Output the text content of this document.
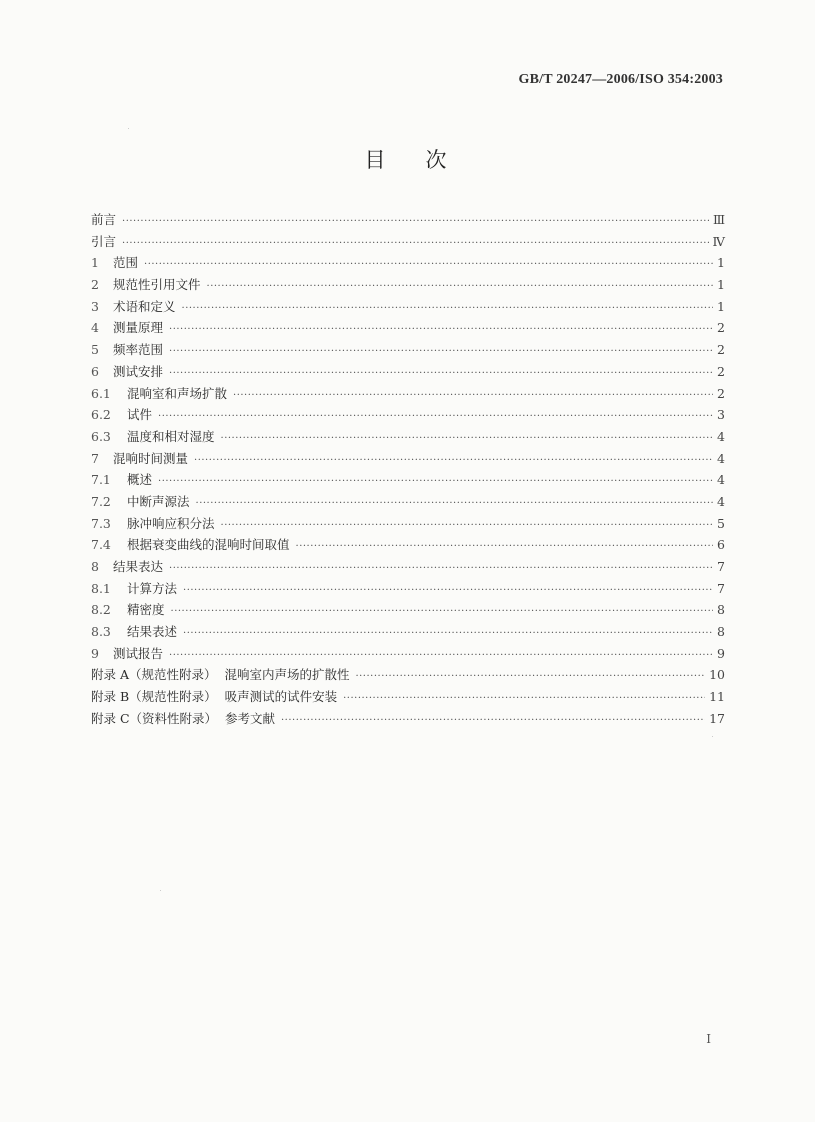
GB/T 20247—2006/ISO 354:2003
目次
前言 ·····	Ⅲ
引言 ·····	Ⅳ
1	范围 ·····	1
2	规范性引用文件 ·····	1
3	术语和定义 ·····	1
4	测量原理 ·····	2
5	频率范围 ·····	2
6	测试安排 ·····	2
6.1	混响室和声场扩散 ·····	2
6.2	试件 ·····	3
6.3	温度和相对湿度 ·····	4
7	混响时间测量 ·····	4
7.1	概述 ·····	4
7.2	中断声源法 ·····	4
7.3	脉冲响应积分法 ·····	5
7.4	根据衰变曲线的混响时间取值 ·····	6
8	结果表达 ·····	7
8.1	计算方法 ·····	7
8.2	精密度 ·····	8
8.3	结果表述 ·····	8
9	测试报告 ·····	9
附录 A（规范性附录）  混响室内声场的扩散性 ·····	10
附录 B（规范性附录）  吸声测试的试件安装 ·····	11
附录 C（资料性附录）  参考文献 ·····	17
I
